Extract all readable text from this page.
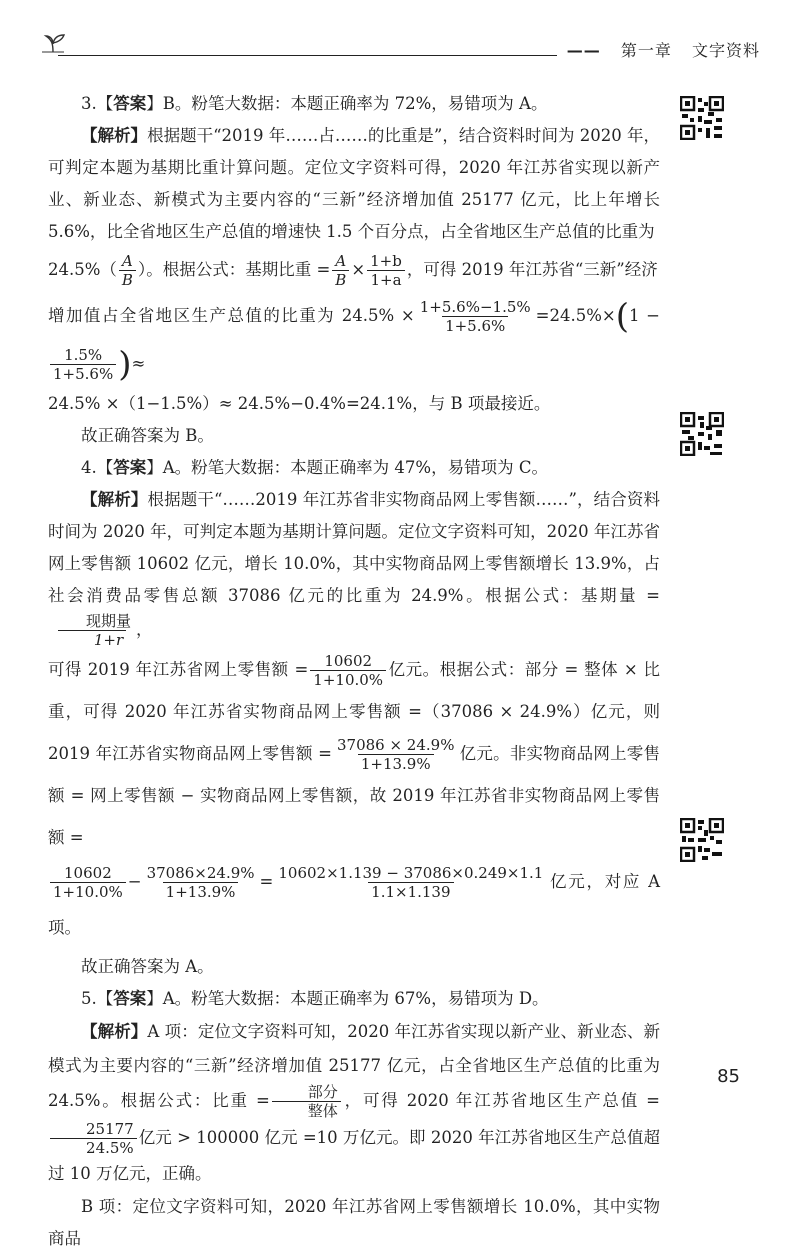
—— 第一章 文字资料

3.【答案】B。粉笔大数据：本题正确率为 72%，易错项为 A。

【解析】根据题干“2019 年……占……的比重是”，结合资料时间为 2020 年，可判定本题为基期比重计算问题。定位文字资料可得，2020 年江苏省实现以新产业、新业态、新模式为主要内容的“三新”经济增加值 25177 亿元，比上年增长 5.6%，比全省地区生产总值的增速快 1.5 个百分点，占全省地区生产总值的比重为

$24.5\%( \frac{A}{B}$ ）。根据公式：基期比重 = $\frac{A}{B} \times \frac{1+b}{1+a}$ ，可得 2019 年江苏省“三新”经济

增加值占全省地区生产总值的比重为 $24.5\% \times \frac{1+5.6\%-1.5\%}{1+5.6\%} =24.5\%\times(1$ −
$\frac{1.5\%}{1+5.6\%}$ )≈

24.5% ×（1−1.5%）≈ 24.5%−0.4%=24.1%，与 B 项最接近。

故正确答案为 B。

4.【答案】A。粉笔大数据：本题正确率为 47%，易错项为 C。

【解析】根据题干“……2019 年江苏省非实物商品网上零售额……”，结合资料时间为 2020 年，可判定本题为基期计算问题。定位文字资料可知，2020 年江苏省网上零售额 10602 亿元，增长 10.0%，其中实物商品网上零售额增长 13.9%，占社会消费品零售总额 37086 亿元的比重为 24.9%。根据公式：基期量 =
$\frac{\text{现期量}}{1+r}$ ，

可得 2019 年江苏省网上零售额 = $\frac{10602}{1+10.0\%}$ 亿元。根据公式：部分 = 整体 × 比重，可得 2020 年江苏省实物商品网上零售额 =（37086 × 24.9%）亿元，则 2019 年江苏省实物商品网上零售额 = $\frac{37086 \times 24.9\%}{1+13.9\%}$ 亿元。非实物商品网上零售额 = 网上零售额 − 实物商品网上零售额，故 2019 年江苏省非实物商品网上零售额 =

$\frac{10602}{1+10.0\%} - \frac{37086\times 24.9\%}{1+13.9\%} = \frac{10602\times 1.139 - 37086\times 0.249\times 1.1}{1.1\times 1.139}$ 亿元，对应 A 项。

故正确答案为 A。

5.【答案】A。粉笔大数据：本题正确率为 67%，易错项为 D。

【解析】A 项：定位文字资料可知，2020 年江苏省实现以新产业、新业态、新模式为主要内容的“三新”经济增加值 25177 亿元，占全省地区生产总值的比重为 24.5%。根据公式：比重 = $\frac{\text{部分}}{\text{整体}}$ ，可得 2020 年江苏省地区生产总值 =
$\frac{25177}{24.5\%}$ 亿元 > 100000 亿元 =10 万亿元。即 2020 年江苏省地区生产总值超过 10 万亿元，正确。

B 项：定位文字资料可知，2020 年江苏省网上零售额增长 10.0%，其中实物商品

85
